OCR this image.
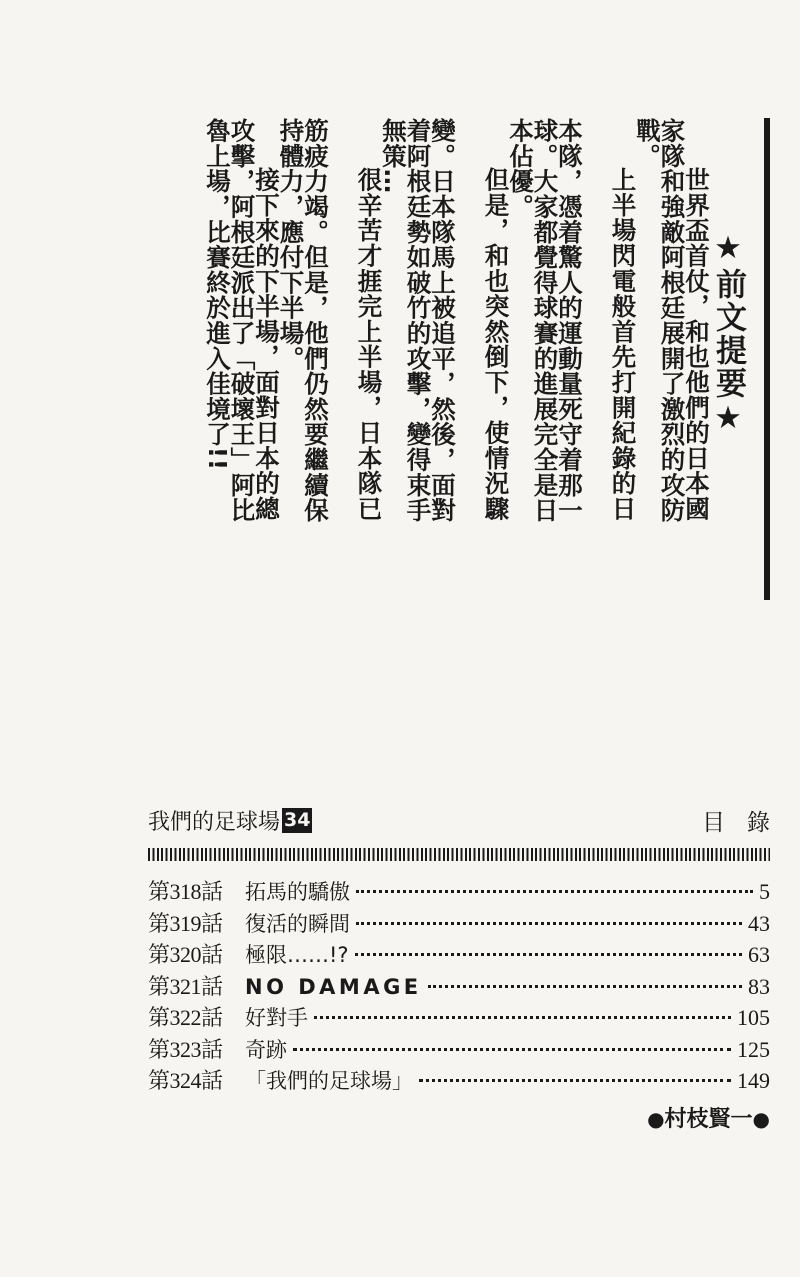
★前文提要★
世界盃首仗，和也他們的日本國
家隊和強敵阿根廷展開了激烈的攻防
戰。
上半場閃電般首先打開紀錄的日
本隊，憑着驚人的運動量死守着那一
球。大家都覺得球賽的進展完全是日
本佔優。
但是，和也突然倒下，使情況驟
變。日本隊馬上被追平，然後，面對
着阿根廷勢如破竹的攻擊，變得束手
無策…
很辛苦才捱完上半場，日本隊已
筋疲力竭。但是，他們仍然要繼續保
持體力，應付下半場。
接下來的下半場，面對日本的總
攻擊，阿根廷派出了「破壞王」阿比
魯上場，比賽終於進入佳境了!!
我們的足球場 34	目錄
第318話	拓馬的驕傲	5
第319話	復活的瞬間	43
第320話	極限……!?	63
第321話	NO DAMAGE	83
第322話	好對手	105
第323話	奇跡	125
第324話	「我們的足球場」	149
●村枝賢一●
